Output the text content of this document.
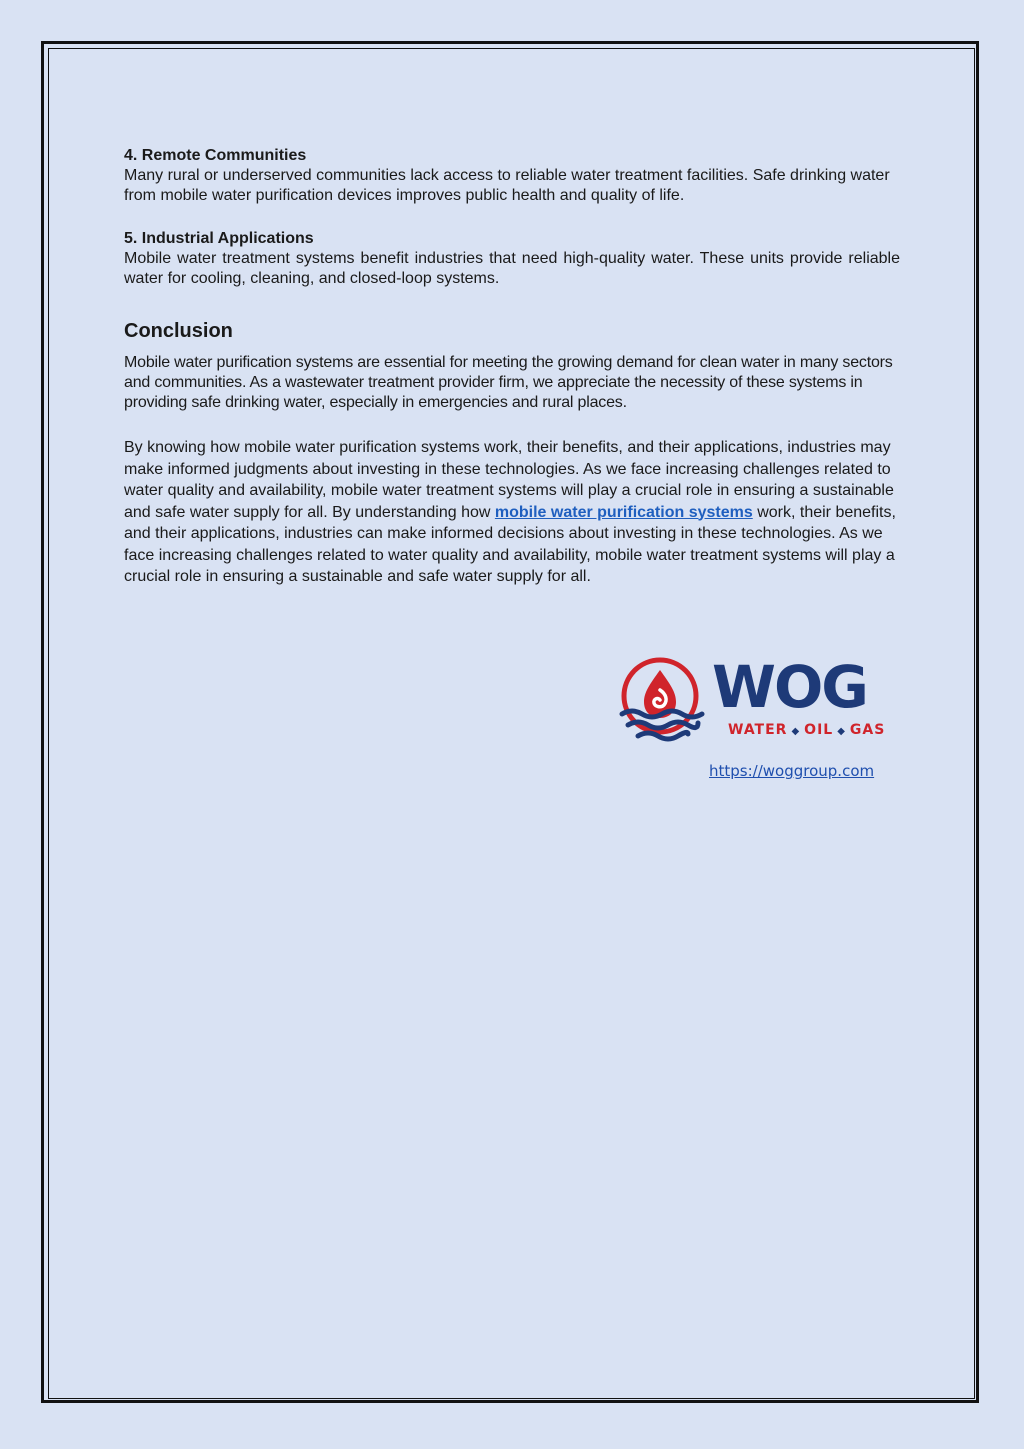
4. Remote Communities
Many rural or underserved communities lack access to reliable water treatment facilities. Safe drinking water from mobile water purification devices improves public health and quality of life.
5. Industrial Applications
Mobile water treatment systems benefit industries that need high-quality water. These units provide reliable water for cooling, cleaning, and closed-loop systems.
Conclusion

Mobile water purification systems are essential for meeting the growing demand for clean water in many sectors and communities. As a wastewater treatment provider firm, we appreciate the necessity of these systems in providing safe drinking water, especially in emergencies and rural places.

By knowing how mobile water purification systems work, their benefits, and their applications, industries may make informed judgments about investing in these technologies. As we face increasing challenges related to water quality and availability, mobile water treatment systems will play a crucial role in ensuring a sustainable and safe water supply for all. By understanding how mobile water purification systems work, their benefits, and their applications, industries can make informed decisions about investing in these technologies. As we face increasing challenges related to water quality and availability, mobile water treatment systems will play a crucial role in ensuring a sustainable and safe water supply for all.

WOG
WATER ◆ OIL ◆ GAS
https://woggroup.com
